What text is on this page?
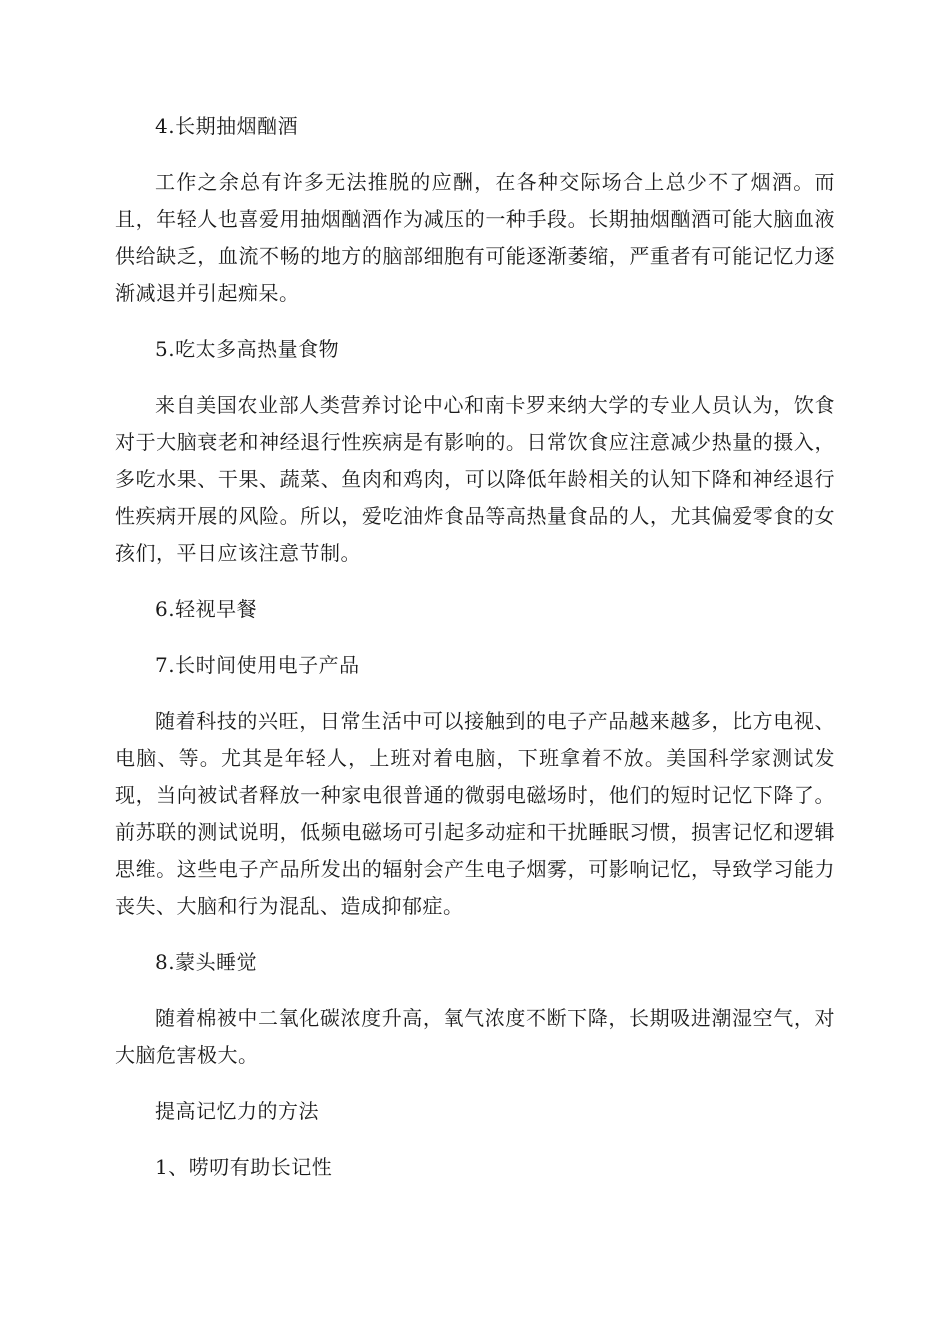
4.长期抽烟酗酒

工作之余总有许多无法推脱的应酬，在各种交际场合上总少不了烟酒。而且，年轻人也喜爱用抽烟酗酒作为减压的一种手段。长期抽烟酗酒可能大脑血液供给缺乏，血流不畅的地方的脑部细胞有可能逐渐萎缩，严重者有可能记忆力逐渐减退并引起痴呆。

5.吃太多高热量食物

来自美国农业部人类营养讨论中心和南卡罗来纳大学的专业人员认为，饮食对于大脑衰老和神经退行性疾病是有影响的。日常饮食应注意减少热量的摄入，多吃水果、干果、蔬菜、鱼肉和鸡肉，可以降低年龄相关的认知下降和神经退行性疾病开展的风险。所以，爱吃油炸食品等高热量食品的人，尤其偏爱零食的女孩们，平日应该注意节制。

6.轻视早餐

7.长时间使用电子产品

随着科技的兴旺，日常生活中可以接触到的电子产品越来越多，比方电视、电脑、等。尤其是年轻人，上班对着电脑，下班拿着不放。美国科学家测试发现，当向被试者释放一种家电很普通的微弱电磁场时，他们的短时记忆下降了。前苏联的测试说明，低频电磁场可引起多动症和干扰睡眠习惯，损害记忆和逻辑思维。这些电子产品所发出的辐射会产生电子烟雾，可影响记忆，导致学习能力丧失、大脑和行为混乱、造成抑郁症。

8.蒙头睡觉

随着棉被中二氧化碳浓度升高，氧气浓度不断下降，长期吸进潮湿空气，对大脑危害极大。

提高记忆力的方法

1、唠叨有助长记性
